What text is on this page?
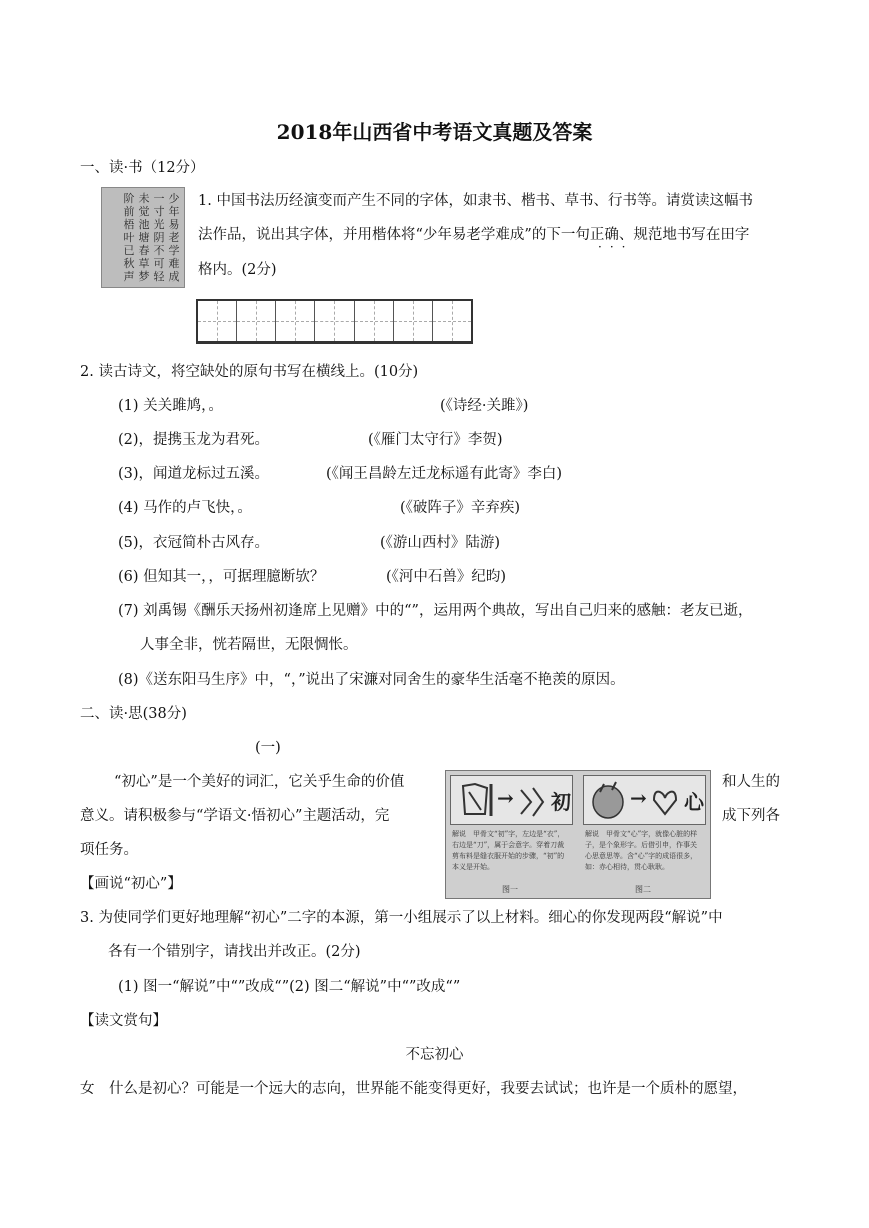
2018年山西省中考语文真题及答案
一、读·书（12分）
少年易老学难成
一寸光阴不可轻
未觉池塘春草梦
阶前梧叶已秋声
1. 中国书法历经演变而产生不同的字体，如隶书、楷书、草书、行书等。请赏读这幅书
法作品，说出其字体，并用楷体将“少年易老学难成”的下一句正确、规范地书写在田字
格内。(2分)
···
2. 读古诗文，将空缺处的原句书写在横线上。(10分)
(1) 关关雎鸠，。	(《诗经·关雎》)
(2)，提携玉龙为君死。	(《雁门太守行》李贺)
(3)，闻道龙标过五溪。	(《闻王昌龄左迁龙标遥有此寄》李白)
(4) 马作的卢飞快，。	(《破阵子》辛弃疾)
(5)，衣冠简朴古风存。	(《游山西村》陆游)
(6) 但知其一，，可据理臆断欤？	(《河中石兽》纪昀)
(7) 刘禹锡《酬乐天扬州初逢席上见赠》中的“”，运用两个典故，写出自己归来的感触：老友已逝，
人事全非，恍若隔世，无限惆怅。
(8)《送东阳马生序》中，“，”说出了宋濂对同舍生的豪华生活毫不艳羡的原因。
二、读·思(38分)
(一)
“初心”是一个美好的词汇，它关乎生命的价值	和人生的
意义。请积极参与“学语文·悟初心”主题活动，完	成下列各
项任务。
【画说“初心”】
→ 初
解说　甲骨文“初”字，左边是“衣”，右边是“刀”，属于会意字。穿着刀裁剪布料是缝衣服开始的步骤，“初”的本义是开始。
图一
→ 心
解说　甲骨文“心”字，就像心脏的样子，是个象形字。后借引申，作事关心思意思等。含“心”字的成语很多，如：赤心相待，贯心耿耿。
图二
3. 为使同学们更好地理解“初心”二字的本源，第一小组展示了以上材料。细心的你发现两段“解说”中
各有一个错别字，请找出并改正。(2分)
(1) 图一“解说”中“”改成“”(2) 图二“解说”中“”改成“”
【读文赏句】
不忘初心
女　什么是初心？可能是一个远大的志向，世界能不能变得更好，我要去试试；也许是一个质朴的愿望，
